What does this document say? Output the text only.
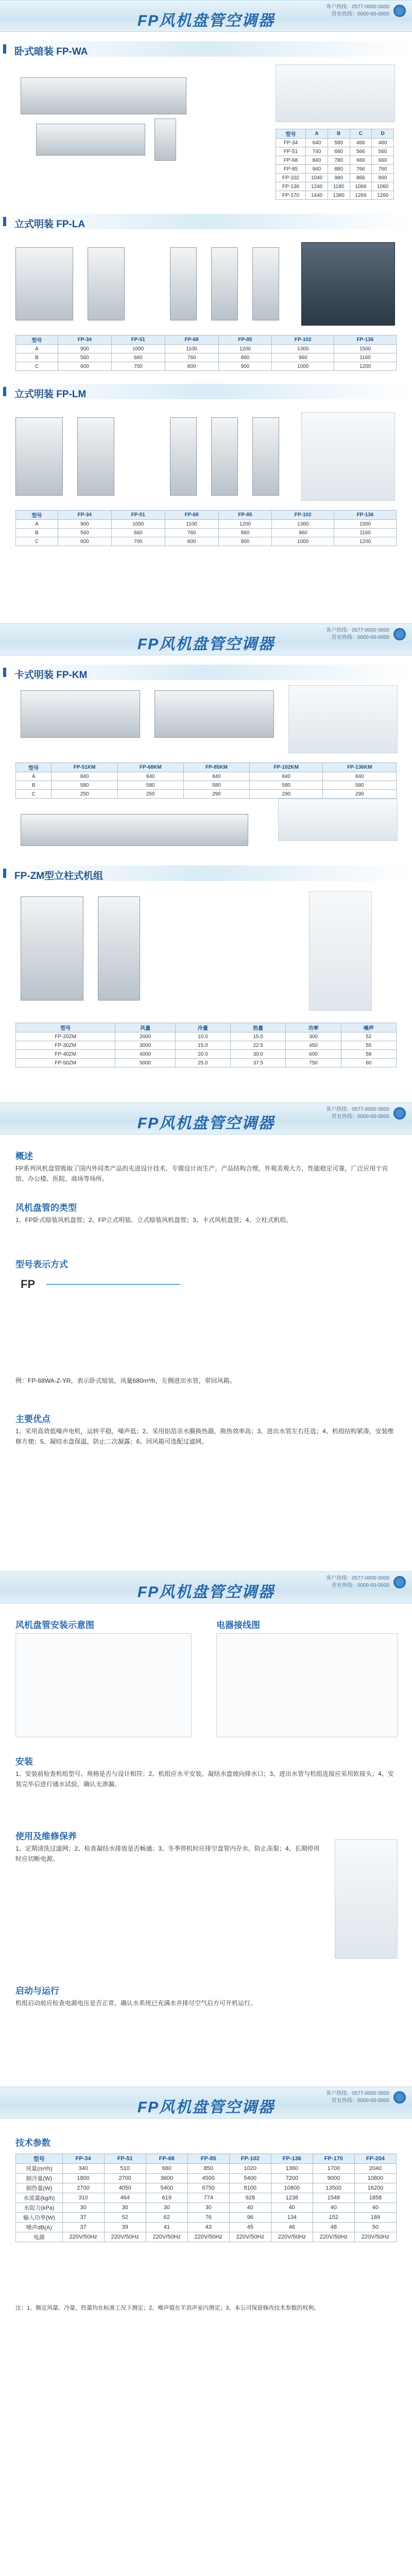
FP风机盘管空调器
客户热线：0577-0000 0000
营业热线：0000-00-0000
卧式暗装 FP-WA
型号	A	B	C	D
FP-34	640	580	466	460
FP-51	740	680	566	560
FP-68	840	780	666	660
FP-85	940	880	766	760
FP-102	1040	980	866	860
FP-136	1240	1180	1066	1060
FP-170	1440	1380	1266	1260
立式明装 FP-LA
型号	FP-34	FP-51	FP-68	FP-85	FP-102	FP-136
A	900	1000	1100	1200	1300	1500
B	560	660	760	860	960	1160
C	600	700	800	900	1000	1200
立式明装 FP-LM
型号	FP-34	FP-51	FP-68	FP-85	FP-102	FP-136
A	900	1000	1100	1200	1300	1500
B	560	660	760	860	960	1160
C	600	700	800	900	1000	1200
FP风机盘管空调器
客户热线：0577-0000 0000
营业热线：0000-00-0000
卡式明装 FP-KM
型号	FP-51KM	FP-68KM	FP-85KM	FP-102KM	FP-136KM
A	840	840	840	840	840
B	580	580	580	580	580
C	250	250	290	290	290
FP-ZM型立柱式机组
型号	风量	冷量	热量	功率	噪声
FP-20ZM	2000	10.0	15.0	300	52
FP-30ZM	3000	15.0	22.5	450	55
FP-40ZM	4000	20.0	30.0	600	58
FP-50ZM	5000	25.0	37.5	750	60
FP风机盘管空调器
客户热线：0577-0000 0000
营业热线：0000-00-0000
概述
FP系列风机盘管吸取了国内外同类产品的先进设计技术，专题设计而生产。产品结构合理，外观美观大方，性能稳定可靠，广泛应用于宾馆、办公楼、医院、商场等场所。
风机盘管的类型
1、FP卧式暗装风机盘管；2、FP立式明装、立式暗装风机盘管；3、卡式风机盘管；4、立柱式机组。
型号表示方式
FP
例：FP-68WA-Z-YR，表示卧式暗装，风量680m³/h，左侧进出水管，带回风箱。
主要优点
1、采用高效低噪声电机，运转平稳，噪声低；2、采用铝箔亲水膜换热器，换热效率高；3、进出水管左右任选；4、机组结构紧凑，安装维修方便；5、凝结水盘保温，防止二次凝露；6、回风箱可选配过滤网。
FP风机盘管空调器
客户热线：0577-0000 0000
营业热线：0000-00-0000
风机盘管安装示意图	电器接线图
安装
1、安装前检查机组型号、规格是否与设计相符；2、机组应水平安装，凝结水盘坡向排水口；3、进出水管与机组连接应采用软接头；4、安装完毕后进行通水试验，确认无渗漏。
使用及维修保养
1、定期清洗过滤网；2、检查凝结水排放是否畅通；3、冬季停机时应排空盘管内存水，防止冻裂；4、长期停用时应切断电源。
启动与运行
机组启动前应检查电源电压是否正常，确认水系统已充满水并排尽空气后方可开机运行。
FP风机盘管空调器
客户热线：0577-0000 0000
营业热线：0000-00-0000
技术参数
型号	FP-34	FP-51	FP-68	FP-85	FP-102	FP-136	FP-170	FP-204
风量(m³/h)	340	510	680	850	1020	1360	1700	2040
制冷量(W)	1800	2700	3600	4500	5400	7200	9000	10800
制热量(W)	2700	4050	5400	6750	8100	10800	13500	16200
水流量(kg/h)	310	464	619	774	928	1238	1548	1858
水阻力(kPa)	30	30	30	30	40	40	40	40
输入功率(W)	37	52	62	76	96	134	152	189
噪声dB(A)	37	39	41	43	45	46	48	50
电源	220V/50Hz	220V/50Hz	220V/50Hz	220V/50Hz	220V/50Hz	220V/50Hz	220V/50Hz	220V/50Hz
注：1、额定风量、冷量、热量均在标准工况下测定；2、噪声值在半消声室内测定；3、本公司保留修改技术参数的权利。
